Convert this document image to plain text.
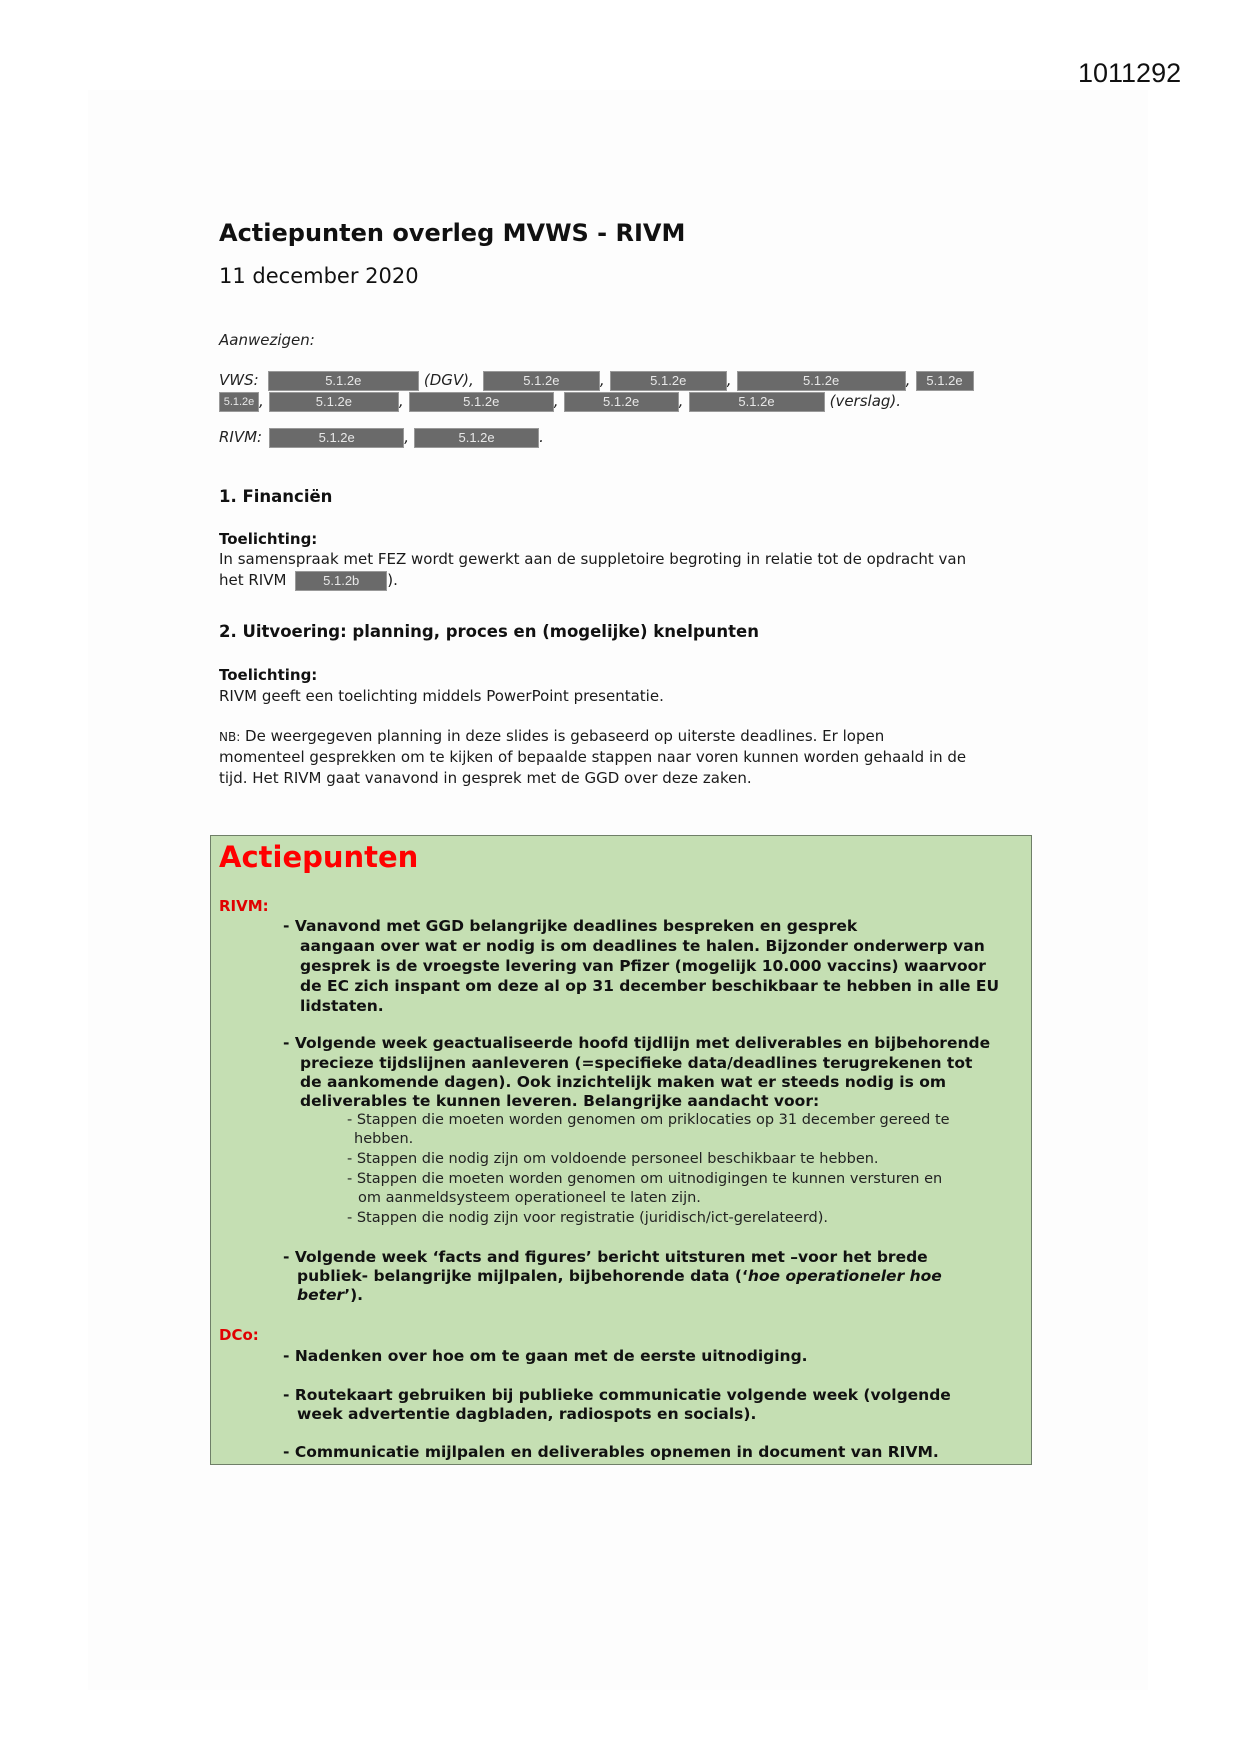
1011292
Actiepunten overleg MVWS - RIVM
11 december 2020
Aanwezigen:
VWS:	5.1.2e	(DGV),	5.1.2e	,	5.1.2e	,	5.1.2e	, 5.1.2e
5.1.2e ,	5.1.2e	,	5.1.2e	,	5.1.2e	,	5.1.2e	(verslag).
RIVM:	5.1.2e	,	5.1.2e	.
1. Financiën
Toelichting:
In samenspraak met FEZ wordt gewerkt aan de suppletoire begroting in relatie tot de opdracht van
het RIVM	5.1.2b ).
2. Uitvoering: planning, proces en (mogelijke) knelpunten
Toelichting:
RIVM geeft een toelichting middels PowerPoint presentatie.
NB: De weergegeven planning in deze slides is gebaseerd op uiterste deadlines. Er lopen
momenteel gesprekken om te kijken of bepaalde stappen naar voren kunnen worden gehaald in de
tijd. Het RIVM gaat vanavond in gesprek met de GGD over deze zaken.
Actiepunten
RIVM:
- Vanavond met GGD belangrijke deadlines bespreken en gesprek
aangaan over wat er nodig is om deadlines te halen. Bijzonder onderwerp van
gesprek is de vroegste levering van Pfizer (mogelijk 10.000 vaccins) waarvoor
de EC zich inspant om deze al op 31 december beschikbaar te hebben in alle EU
lidstaten.
- Volgende week geactualiseerde hoofd tijdlijn met deliverables en bijbehorende
precieze tijdslijnen aanleveren (=specifieke data/deadlines terugrekenen tot
de aankomende dagen). Ook inzichtelijk maken wat er steeds nodig is om
deliverables te kunnen leveren. Belangrijke aandacht voor:
- Stappen die moeten worden genomen om priklocaties op 31 december gereed te
hebben.
- Stappen die nodig zijn om voldoende personeel beschikbaar te hebben.
- Stappen die moeten worden genomen om uitnodigingen te kunnen versturen en
om aanmeldsysteem operationeel te laten zijn.
- Stappen die nodig zijn voor registratie (juridisch/ict-gerelateerd).
- Volgende week ‘facts and figures’ bericht uitsturen met –voor het brede
publiek- belangrijke mijlpalen, bijbehorende data (‘hoe operationeler hoe
beter’).
DCo:
- Nadenken over hoe om te gaan met de eerste uitnodiging.
- Routekaart gebruiken bij publieke communicatie volgende week (volgende
week advertentie dagbladen, radiospots en socials).
- Communicatie mijlpalen en deliverables opnemen in document van RIVM.
